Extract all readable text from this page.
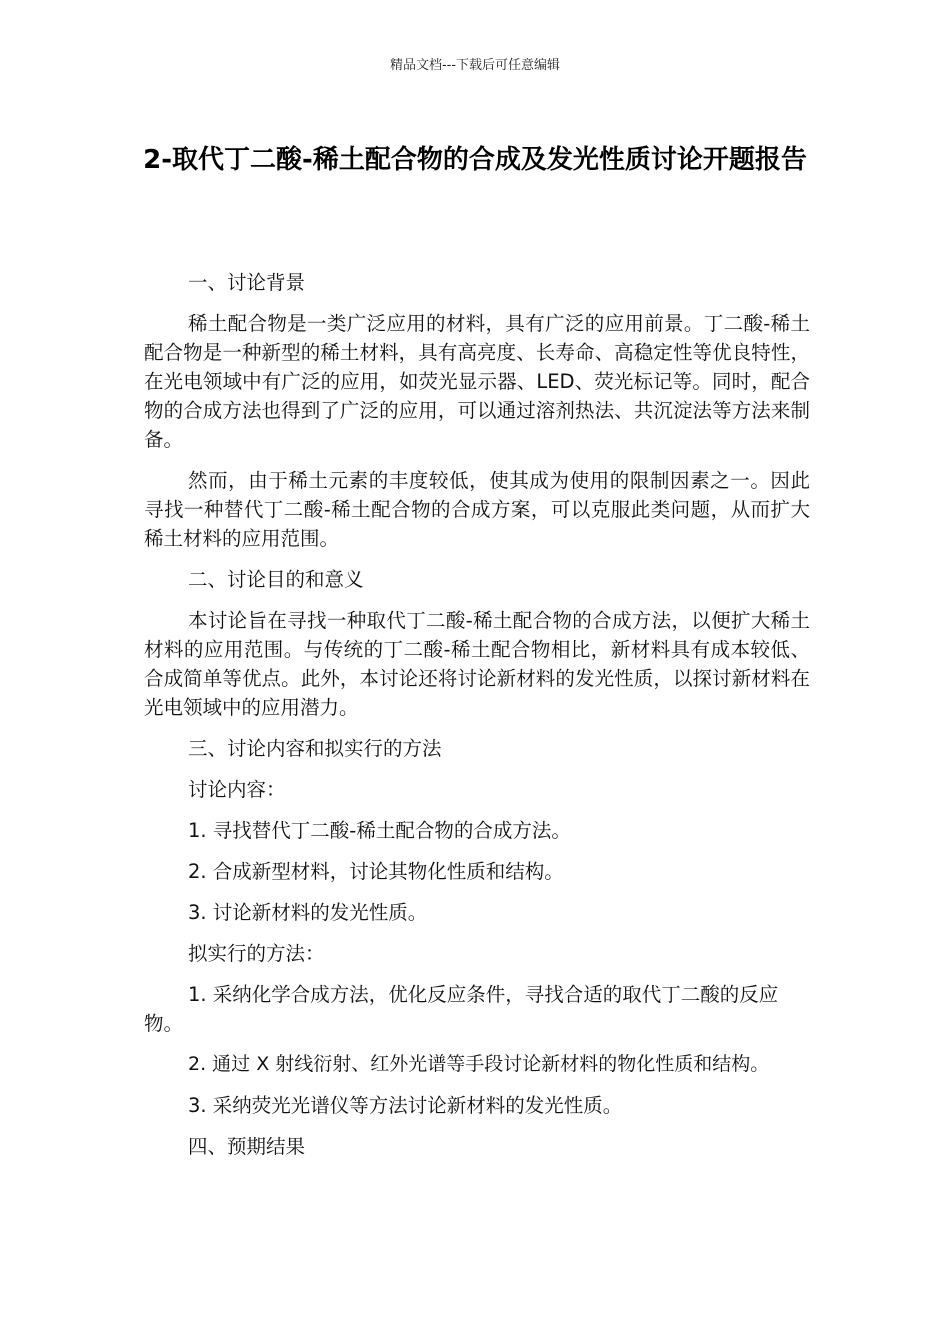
精品文档---下载后可任意编辑
2-取代丁二酸-稀土配合物的合成及发光性质讨论开题报告
一、讨论背景
稀土配合物是一类广泛应用的材料，具有广泛的应用前景。丁二酸-稀土配合物是一种新型的稀土材料，具有高亮度、长寿命、高稳定性等优良特性，在光电领域中有广泛的应用，如荧光显示器、LED、荧光标记等。同时，配合物的合成方法也得到了广泛的应用，可以通过溶剂热法、共沉淀法等方法来制备。
然而，由于稀土元素的丰度较低，使其成为使用的限制因素之一。因此寻找一种替代丁二酸-稀土配合物的合成方案，可以克服此类问题，从而扩大稀土材料的应用范围。
二、讨论目的和意义
本讨论旨在寻找一种取代丁二酸-稀土配合物的合成方法，以便扩大稀土材料的应用范围。与传统的丁二酸-稀土配合物相比，新材料具有成本较低、合成简单等优点。此外，本讨论还将讨论新材料的发光性质，以探讨新材料在光电领域中的应用潜力。
三、讨论内容和拟实行的方法
讨论内容：
1. 寻找替代丁二酸-稀土配合物的合成方法。
2. 合成新型材料，讨论其物化性质和结构。
3. 讨论新材料的发光性质。
拟实行的方法：
1. 采纳化学合成方法，优化反应条件，寻找合适的取代丁二酸的反应物。
2. 通过 X 射线衍射、红外光谱等手段讨论新材料的物化性质和结构。
3. 采纳荧光光谱仪等方法讨论新材料的发光性质。
四、预期结果
